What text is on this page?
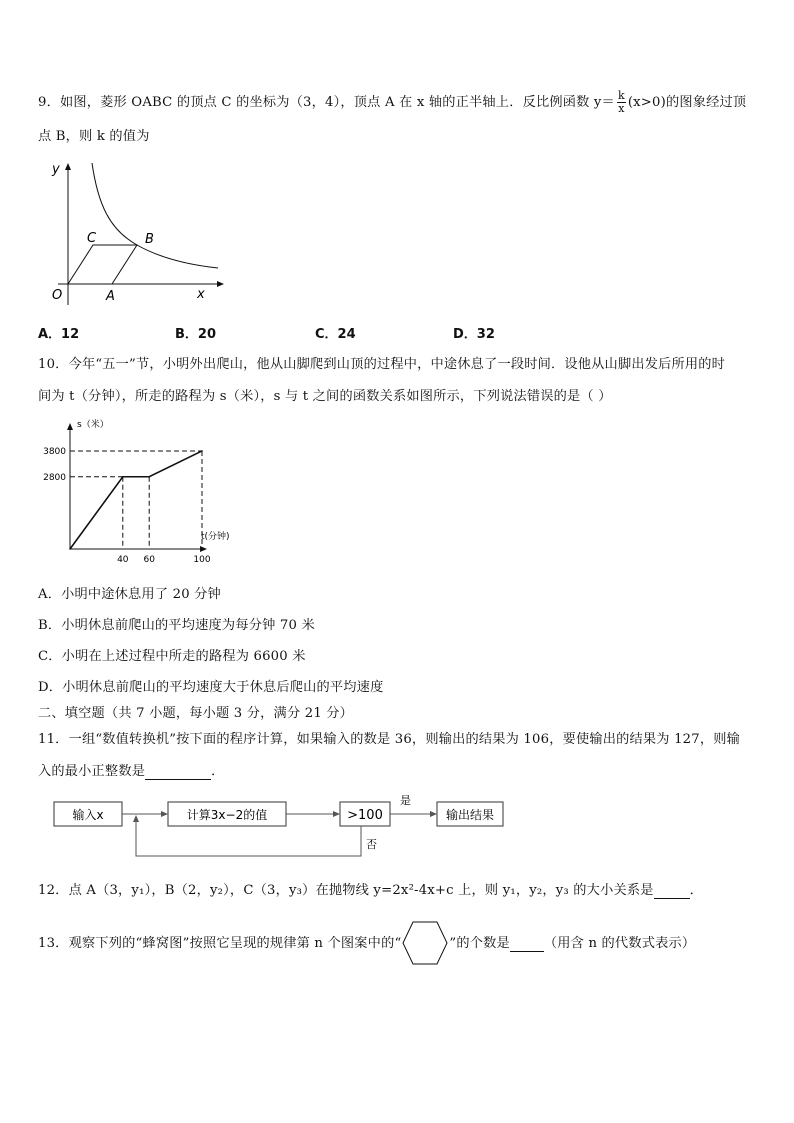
9．如图，菱形 OABC 的顶点 C 的坐标为（3，4），顶点 A 在 x 轴的正半轴上．反比例函数 $y= \frac{k}{x} (x>0)$的图象经过顶
点 B，则 k 的值为
y
x
O	A
B
C
A．12	B．20	C．24	D．32
10．今年“五一”节，小明外出爬山，他从山脚爬到山顶的过程中，中途休息了一段时间．设他从山脚出发后所用的时
间为 t（分钟），所走的路程为 s（米），s 与 t 之间的函数关系如图所示，下列说法错误的是（ ）
s（米）
t(分钟)
40 60	100
2800
3800
A．小明中途休息用了 20 分钟
B．小明休息前爬山的平均速度为每分钟 70 米
C．小明在上述过程中所走的路程为 6600 米
D．小明休息前爬山的平均速度大于休息后爬山的平均速度
二、填空题（共 7 小题，每小题 3 分，满分 21 分）
11．一组“数值转换机”按下面的程序计算，如果输入的数是 36，则输出的结果为 106，要使输出的结果为 127，则输
入的最小正整数是	．
输入x	计算3x−2的值	>100
是
输出结果
否
12．点 A（3，y₁），B（2，y₂），C（3，y₃）在抛物线 y=2x²-4x+c 上，则 y₁，y₂，y₃ 的大小关系是	．
13．观察下列的“蜂窝图”按照它呈现的规律第 n 个图案中的“	”的个数是	（用含 n 的代数式表示）
